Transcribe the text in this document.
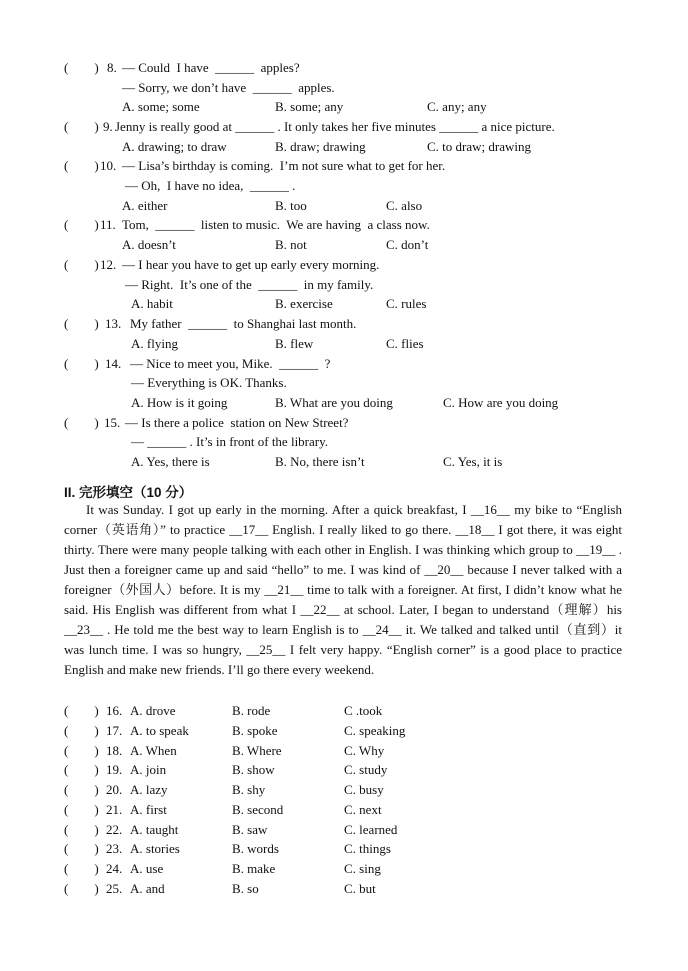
(        ) 8. — Could  I have  ______  apples?
— Sorry, we don’t have  ______  apples.
A. some; some	B. some; any	C. any; any
(        ) 9. Jenny is really good at ______ . It only takes her five minutes ______ a nice picture.
A. drawing; to draw	B. draw; drawing	C. to draw; drawing
(        ) 10. — Lisa’s birthday is coming.  I’m not sure what to get for her.
— Oh,  I have no idea,  ______ .
A. either	B. too	C. also
(        ) 11. Tom,  ______  listen to music.  We are having  a class now.
A. doesn’t	B. not	C. don’t
(        ) 12. — I hear you have to get up early every morning.
— Right.  It’s one of the  ______  in my family.
A. habit	B. exercise	C. rules
(        ) 13. My father  ______  to Shanghai last month.
A. flying	B. flew	C. flies
(        ) 14. — Nice to meet you, Mike.  ______  ?
— Everything is OK. Thanks.
A. How is it going	B. What are you doing	C. How are you doing
(        ) 15. — Is there a police  station on New Street?
— ______ . It’s in front of the library.
A. Yes, there is	B. No, there isn’t	C. Yes, it is
II. 完形填空（10 分）

It was Sunday. I got up early in the morning. After a quick breakfast, I __16__ my bike to “English corner（英语角）” to practice __17__ English. I really liked to go there. __18__ I got there, it was eight thirty. There were many people talking with each other in English. I was thinking which group to __19__ . Just then a foreigner came up and said “hello” to me. I was kind of __20__ because I never talked with a foreigner（外国人）before. It is my __21__ time to talk with a foreigner. At first, I didn’t know what he said. His English was different from what I __22__ at school. Later, I began to understand（理解）his __23__ . He told me the best way to learn English is to __24__ it. We talked and talked until（直到）it was lunch time. I was so hungry, __25__ I felt very happy. “English corner” is a good place to practice English and make new friends. I’ll go there every weekend.

(        ) 16. A. drove	B. rode	C .took
(        ) 17. A. to speak	B. spoke	C. speaking
(        ) 18. A. When	B. Where	C. Why
(        ) 19. A. join	B. show	C. study
(        ) 20. A. lazy	B. shy	C. busy
(        ) 21. A. first	B. second	C. next
(        ) 22. A. taught	B. saw	C. learned
(        ) 23. A. stories	B. words	C. things
(        ) 24. A. use	B. make	C. sing
(        ) 25. A. and	B. so	C. but
